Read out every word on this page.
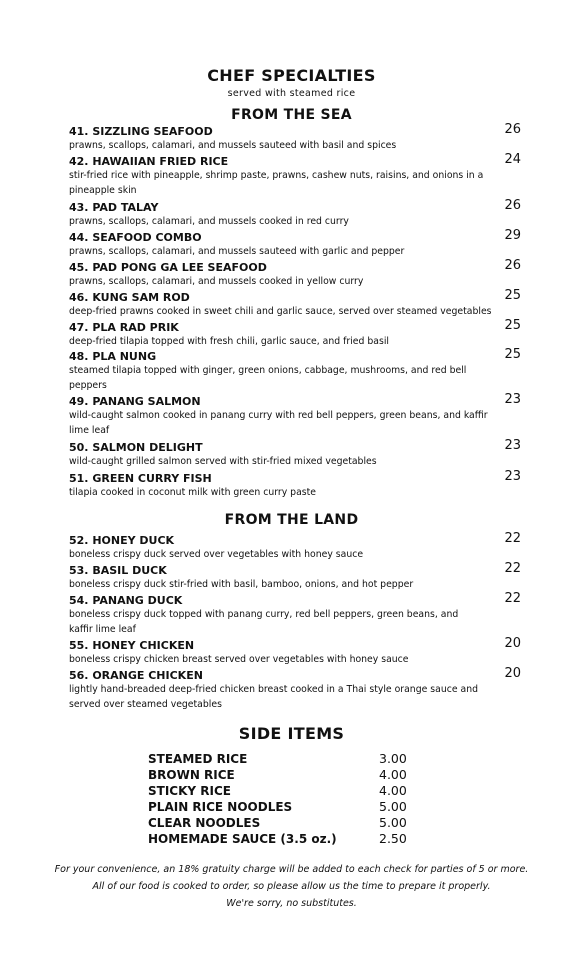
CHEF SPECIALTIES
served with steamed rice
FROM THE SEA
41. SIZZLING SEAFOOD	26
prawns, scallops, calamari, and mussels sauteed with basil and spices
42. HAWAIIAN FRIED RICE	24
stir-fried rice with pineapple, shrimp paste, prawns, cashew nuts, raisins, and onions in a pineapple skin
43. PAD TALAY	26
prawns, scallops, calamari, and mussels cooked in red curry
44. SEAFOOD COMBO	29
prawns, scallops, calamari, and mussels sauteed with garlic and pepper
45. PAD PONG GA LEE SEAFOOD	26
prawns, scallops, calamari, and mussels cooked in yellow curry
46. KUNG SAM ROD	25
deep-fried prawns cooked in sweet chili and garlic sauce, served over steamed vegetables
47. PLA RAD PRIK	25
deep-fried tilapia topped with fresh chili, garlic sauce, and fried basil
48. PLA NUNG	25
steamed tilapia topped with ginger, green onions, cabbage, mushrooms, and red bell peppers
49. PANANG SALMON	23
wild-caught salmon cooked in panang curry with red bell peppers, green beans, and kaffir lime leaf
50. SALMON DELIGHT	23
wild-caught grilled salmon served with stir-fried mixed vegetables
51. GREEN CURRY FISH	23
tilapia cooked in coconut milk with green curry paste
FROM THE LAND
52. HONEY DUCK	22
boneless crispy duck served over vegetables with honey sauce
53. BASIL DUCK	22
boneless crispy duck stir-fried with basil, bamboo, onions, and hot pepper
54. PANANG DUCK	22
boneless crispy duck topped with panang curry, red bell peppers, green beans, and kaffir lime leaf
55. HONEY CHICKEN	20
boneless crispy chicken breast served over vegetables with honey sauce
56. ORANGE CHICKEN	20
lightly hand-breaded deep-fried chicken breast cooked in a Thai style orange sauce and served over steamed vegetables
SIDE ITEMS
STEAMED RICE	3.00
BROWN RICE	4.00
STICKY RICE	4.00
PLAIN RICE NOODLES	5.00
CLEAR NOODLES	5.00
HOMEMADE SAUCE (3.5 oz.)	2.50
For your convenience, an 18% gratuity charge will be added to each check for parties of 5 or more.
All of our food is cooked to order, so please allow us the time to prepare it properly.
We're sorry, no substitutes.
